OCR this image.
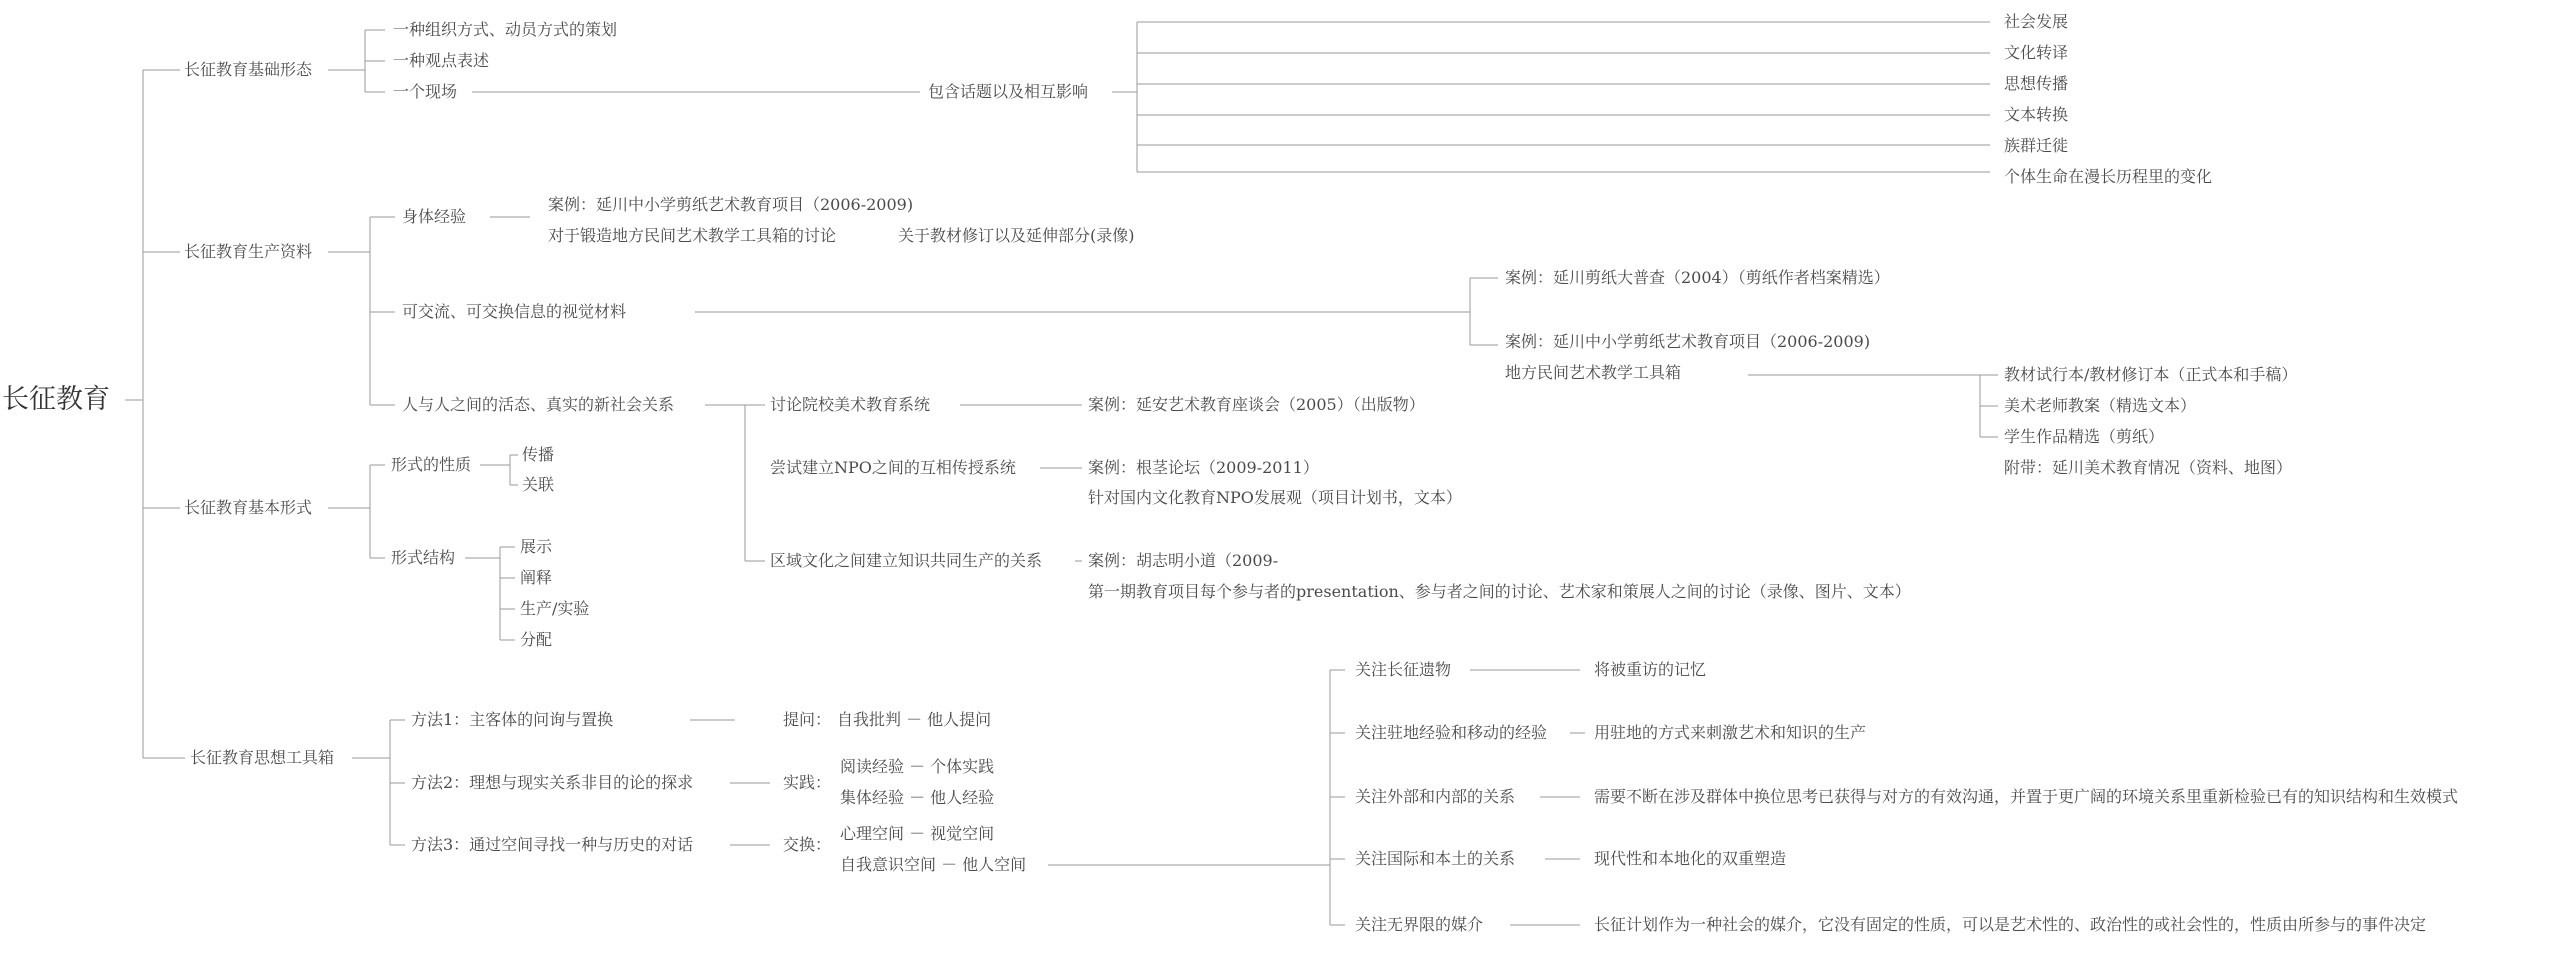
长征教育
长征教育基础形态
一种组织方式、动员方式的策划
一种观点表述
一个现场	包含话题以及相互影响
社会发展
文化转译
思想传播
文本转换
族群迁徙
个体生命在漫长历程里的变化
长征教育生产资料
身体经验
案例：延川中小学剪纸艺术教育项目（2006-2009)
对于锻造地方民间艺术教学工具箱的讨论	关于教材修订以及延伸部分(录像)
可交流、可交换信息的视觉材料
案例：延川剪纸大普查（2004）（剪纸作者档案精选）
案例：延川中小学剪纸艺术教育项目（2006-2009)
地方民间艺术教学工具箱	教材试行本/教材修订本（正式本和手稿）
美术老师教案（精选文本）
学生作品精选（剪纸）
附带：延川美术教育情况（资料、地图）
人与人之间的活态、真实的新社会关系	讨论院校美术教育系统	案例：延安艺术教育座谈会（2005）（出版物）
尝试建立NPO之间的互相传授系统	案例：根茎论坛（2009-2011）
针对国内文化教育NPO发展观（项目计划书，文本）
区域文化之间建立知识共同生产的关系	案例：胡志明小道（2009-
第一期教育项目每个参与者的presentation、参与者之间的讨论、艺术家和策展人之间的讨论（录像、图片、文本）
长征教育基本形式
形式的性质
传播
关联
形式结构
展示
阐释
生产/实验
分配
长征教育思想工具箱
方法1：主客体的问询与置换	提问： 自我批判 － 他人提问
方法2：理想与现实关系非目的论的探求	实践：
阅读经验 － 个体实践
集体经验 － 他人经验
方法3：通过空间寻找一种与历史的对话	交换：
心理空间 － 视觉空间
自我意识空间 － 他人空间
关注长征遗物	将被重访的记忆
关注驻地经验和移动的经验	用驻地的方式来刺激艺术和知识的生产
关注外部和内部的关系	需要不断在涉及群体中换位思考已获得与对方的有效沟通，并置于更广阔的环境关系里重新检验已有的知识结构和生效模式
关注国际和本土的关系	现代性和本地化的双重塑造
关注无界限的媒介	长征计划作为一种社会的媒介，它没有固定的性质，可以是艺术性的、政治性的或社会性的，性质由所参与的事件决定
